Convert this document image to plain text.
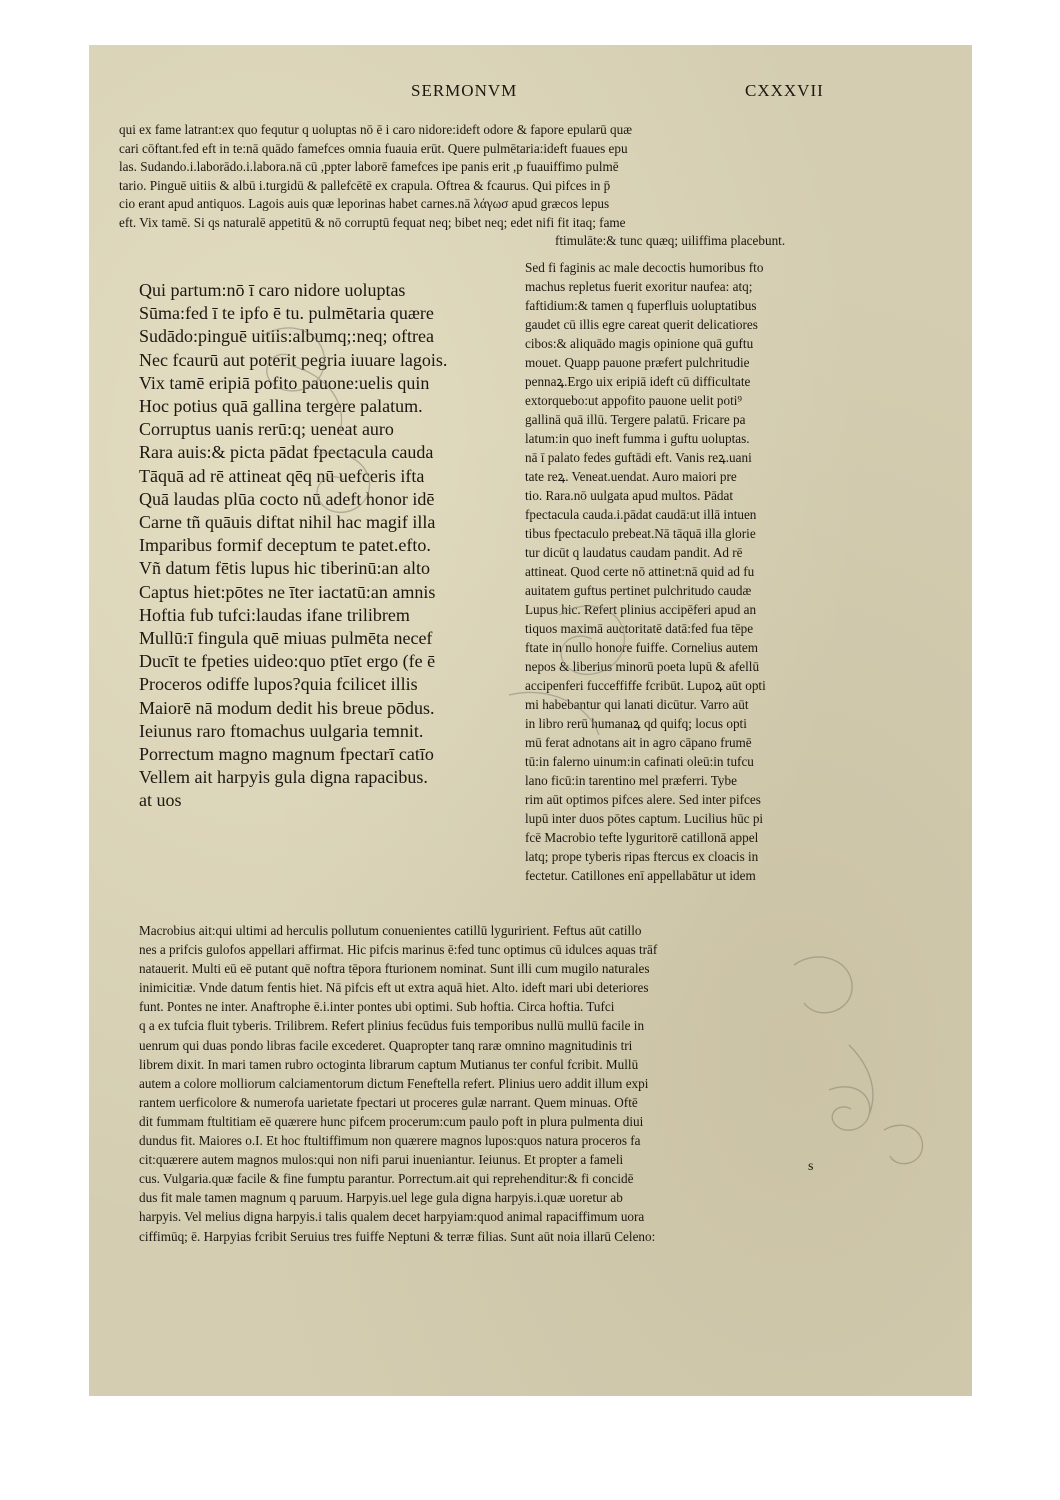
SERMONVM	CXXXVII
qui ex fame latrant:ex quo fequtur q uoluptas nō ē i caro nidore:ideft odore & fapore epularū quæ
cari cōftant.fed eft in te:nā quādo famefces omnia fuauia erūt. Quere pulmētaria:ideft fuaues epu
las. Sudando.i.laborādo.i.labora.nā cū ,ppter laborē famefces ipe panis erit ,p fuauiffimo pulmē
tario. Pinguē uitiis & albū i.turgidū & pallefcētē ex crapula. Oftrea & fcaurus. Qui pifces in p̄
cio erant apud antiquos. Lagois auis quæ leporinas habet carnes.nā λάγωσ apud græcos lepus
eft. Vix tamē. Si qs naturalē appetitū & nō corruptū fequat neq; bibet neq; edet nifi fit itaq; fame
ftimulāte:& tunc quæq; uiliffima placebunt.
Qui partum:nō ī caro nidore uoluptas
Sūma:fed ī te ipfo ē tu. pulmētaria quære
Sudādo:pinguē uitiis:albumq;:neq; oftrea
Nec fcaurū aut poterit pegria iuuare lagois.
Vix tamē eripiā pofito pauone:uelis quin
Hoc potius quā gallina tergere palatum.
Corruptus uanis rerū:q; ueneat auro
Rara auis:& picta pādat fpectacula cauda
Tāquā ad rē attineat qēq nū uefceris ifta
Quā laudas plūa cocto nū adeft honor idē
Carne tñ quāuis diftat nihil hac magif illa
Imparibus formif deceptum te patet.efto.
Vñ datum fētis lupus hic tiberinū:an alto
Captus hiet:pōtes ne īter iactatū:an amnis
Hoftia fub tufci:laudas ifane trilibrem
Mullū:ī fingula quē miuas pulmēta necef
Ducīt te fpeties uideo:quo ptīet ergo (fe ē
Proceros odiffe lupos?quia fcilicet illis
Maiorē nā modum dedit his breue pōdus.
Ieiunus raro ftomachus uulgaria temnit.
Porrectum magno magnum fpectarī catīo
Vellem ait harpyis gula digna rapacibus.
at uos
Sed fi faginis ac male decoctis humoribus fto
machus repletus fuerit exoritur naufea: atq;
faftidium:& tamen q fuperfluis uoluptatibus
gaudet cū illis egre careat querit delicatiores
cibos:& aliquādo magis opinione quā guftu
mouet. Quapp pauone præfert pulchritudie
pennaꝝ.Ergo uix eripiā ideft cū difficultate
extorquebo:ut appofito pauone uelit poti⁹
gallinā quā illū. Tergere palatū. Fricare pa
latum:in quo ineft fumma i guftu uoluptas.
nā ī palato fedes guftādi eft. Vanis reꝝ.uani
tate reꝝ. Veneat.uendat. Auro maiori pre
tio. Rara.nō uulgata apud multos. Pādat
fpectacula cauda.i.pādat caudā:ut illā intuen
tibus fpectaculo prebeat.Nā tāquā illa glorie
tur dicūt q laudatus caudam pandit. Ad rē
attineat. Quod certe nō attinet:nā quid ad fu
auitatem guftus pertinet pulchritudo caudæ
Lupus hic. Refert plinius accipēferi apud an
tiquos maximā auctoritatē datā:fed fua tēpe
ftate in nullo honore fuiffe. Cornelius autem
nepos & liberius minorū poeta lupū & afellū
accipenferi fucceffiffe fcribūt. Lupoꝝ aūt opti
mi habebantur qui lanati dicūtur. Varro aūt
in libro rerū humanaꝝ qd quifq; locus opti
mū ferat adnotans ait in agro cāpano frumē
tū:in falerno uinum:in cafinati oleū:in tufcu
lano ficū:in tarentino mel præferri. Tybe
rim aūt optimos pifces alere. Sed inter pifces
lupū inter duos pōtes captum. Lucilius hūc pi
fcē Macrobio tefte lyguritorē catillonā appel
latq; prope tyberis ripas ftercus ex cloacis in
fectetur. Catillones enī appellabātur ut idem
Macrobius ait:qui ultimi ad herculis pollutum conuenientes catillū lyguririent. Feftus aūt catillo
nes a prifcis gulofos appellari affirmat. Hic pifcis marinus ē:fed tunc optimus cū idulces aquas trāf
natauerit. Multi eū eē putant quē noftra tēpora fturionem nominat. Sunt illi cum mugilo naturales
inimicitiæ. Vnde datum fentis hiet. Nā pifcis eft ut extra aquā hiet. Alto. ideft mari ubi deteriores
funt. Pontes ne inter. Anaftrophe ē.i.inter pontes ubi optimi. Sub hoftia. Circa hoftia. Tufci
q a ex tufcia fluit tyberis. Trilibrem. Refert plinius fecūdus fuis temporibus nullū mullū facile in
uenrum qui duas pondo libras facile excederet. Quapropter tanq raræ omnino magnitudinis tri
librem dixit. In mari tamen rubro octoginta librarum captum Mutianus ter conful fcribit. Mullū
autem a colore molliorum calciamentorum dictum Feneftella refert. Plinius uero addit illum expi
rantem uerficolore & numerofa uarietate fpectari ut proceres gulæ narrant. Quem minuas. Oftē
dit fummam ftultitiam eē quærere hunc pifcem procerum:cum paulo poft in plura pulmenta diui
dundus fit. Maiores o.I. Et hoc ftultiffimum non quærere magnos lupos:quos natura proceros fa
cit:quærere autem magnos mulos:qui non nifi parui inueniantur. Ieiunus. Et propter a fameli
cus. Vulgaria.quæ facile & fine fumptu parantur. Porrectum.ait qui reprehenditur:& fi concidē
dus fit male tamen magnum q paruum. Harpyis.uel lege gula digna harpyis.i.quæ uoretur ab
harpyis. Vel melius digna harpyis.i talis qualem decet harpyiam:quod animal rapaciffimum uora
ciffimūq; ē. Harpyias fcribit Seruius tres fuiffe Neptuni & terræ filias. Sunt aūt noia illarū Celeno:
s
